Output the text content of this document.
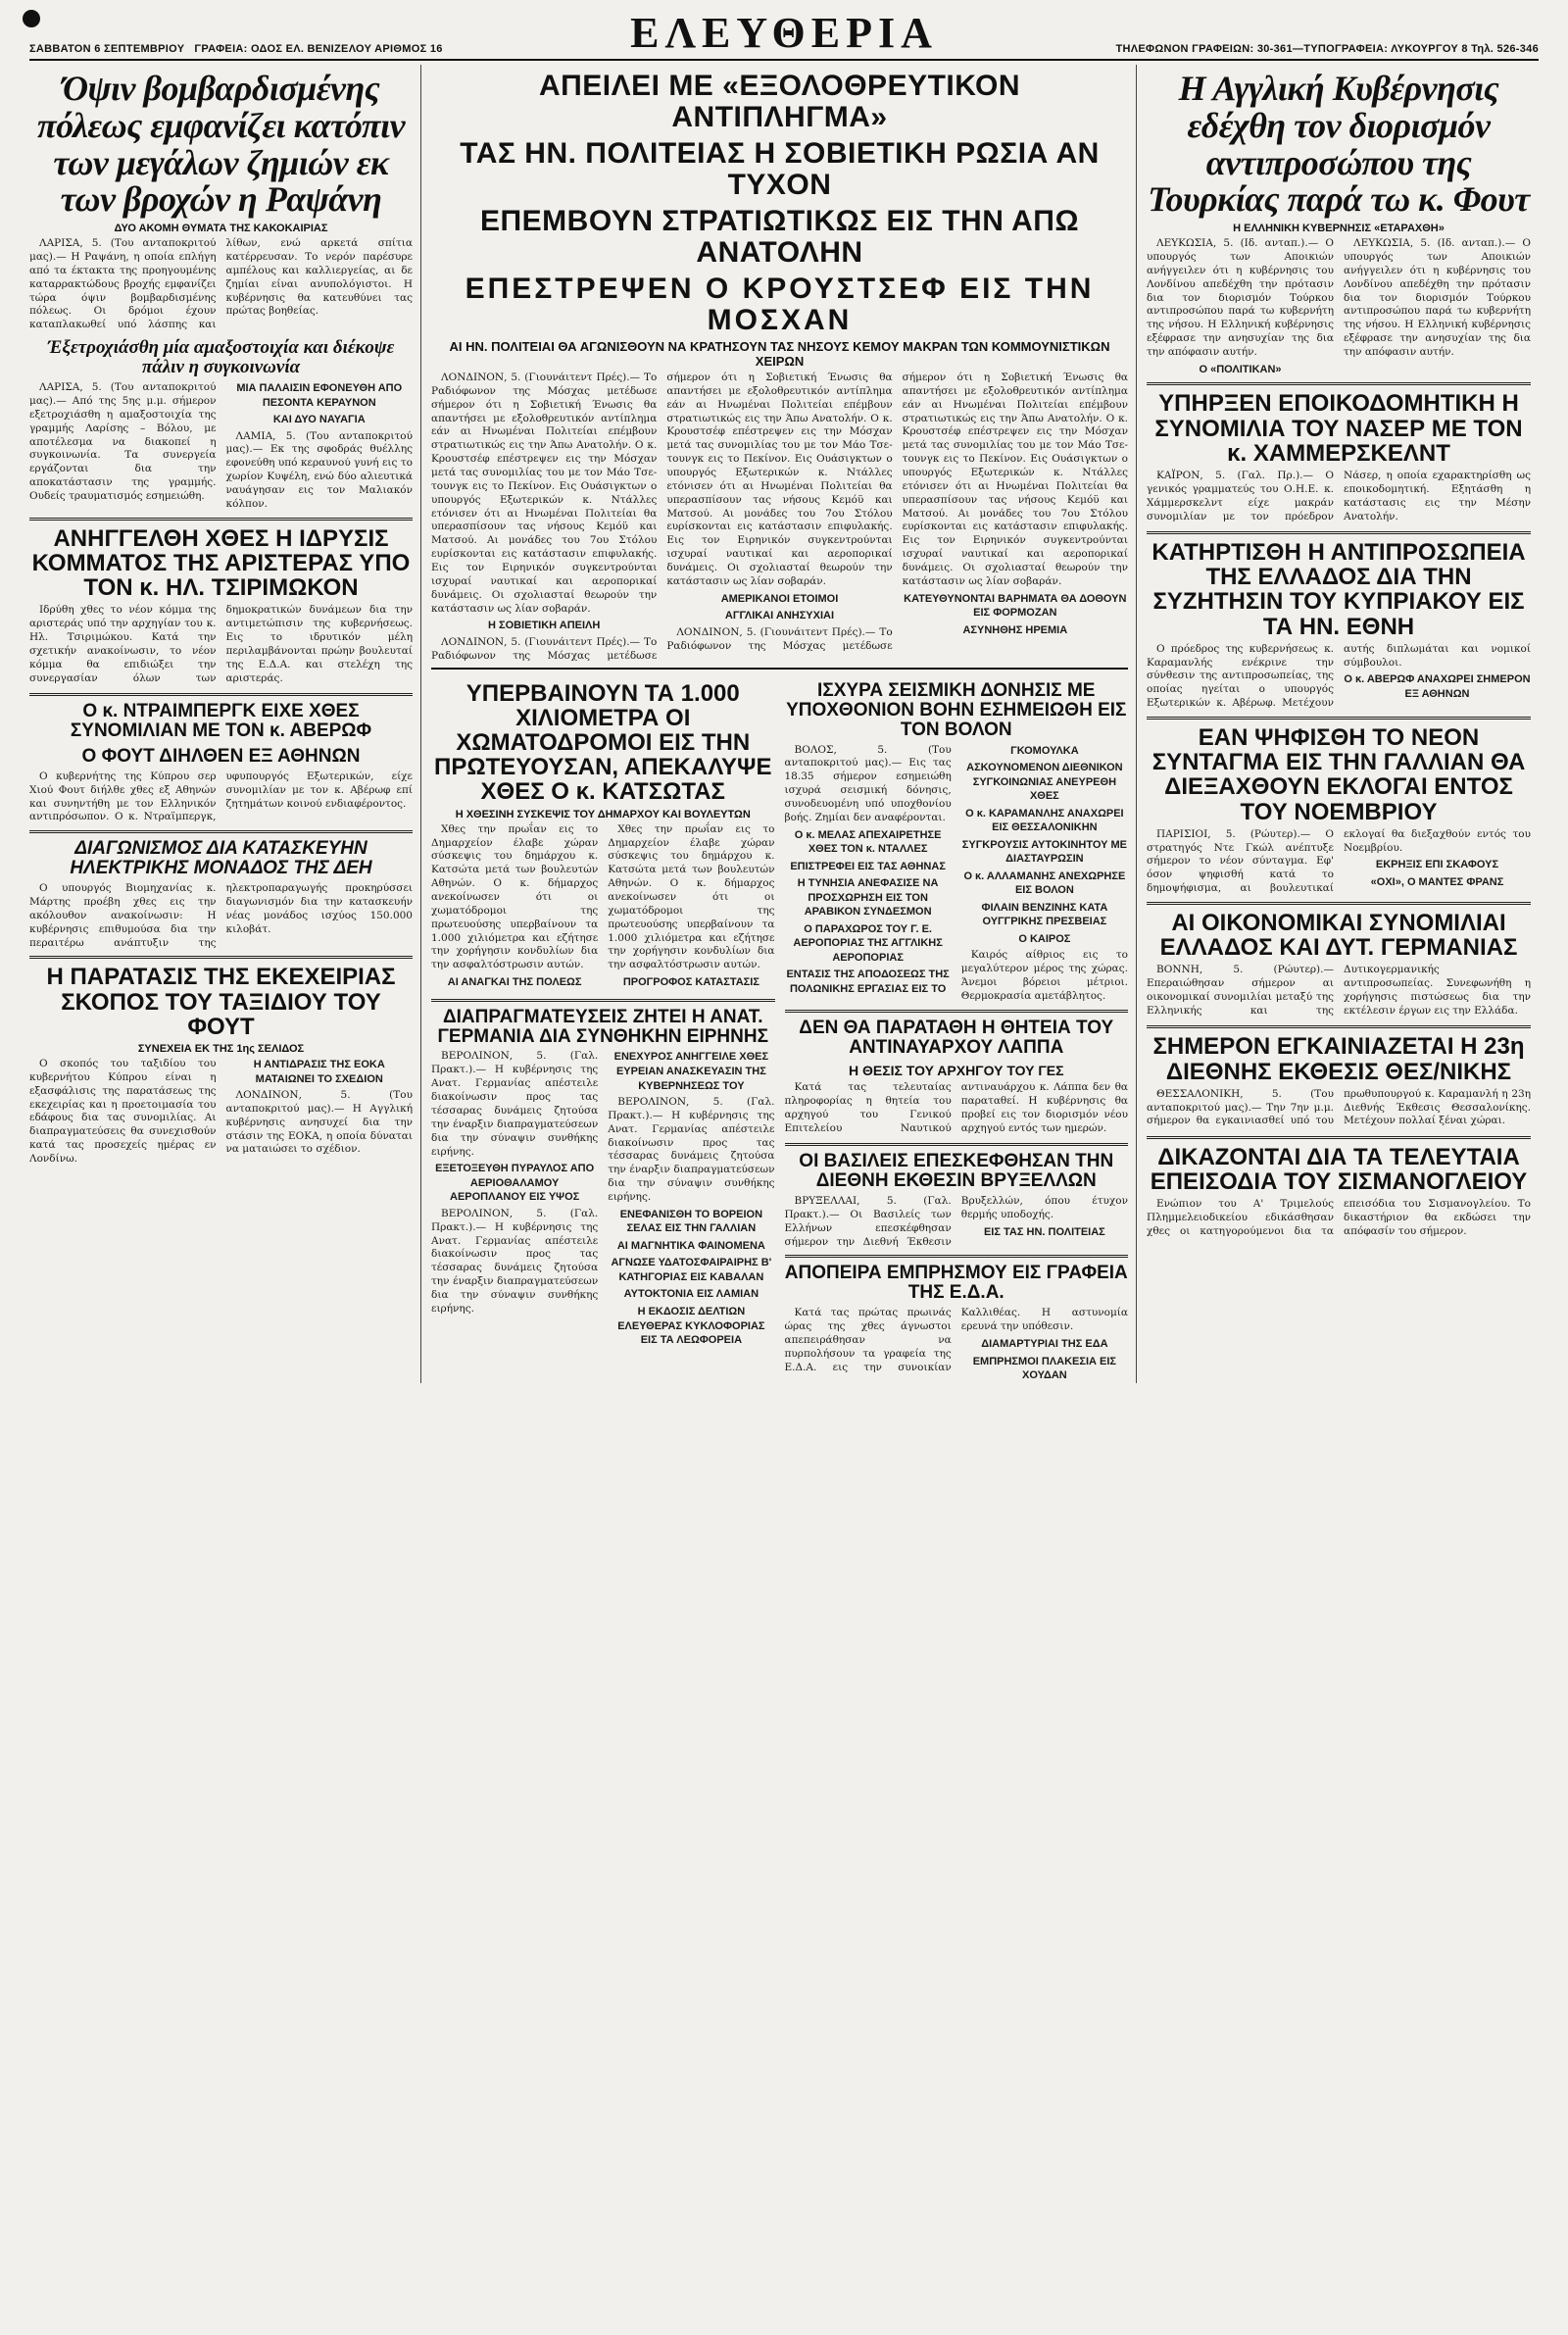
ΣΑΒΒΑΤΟΝ 6 ΣΕΠΤΕΜΒΡΙΟΥ ΓΡΑΦΕΙΑ: ΟΔΟΣ ΕΛ. ΒΕΝΙΖΕΛΟΥ ΑΡΙΘΜΟΣ 16	ΕΛΕΥΘΕΡΙΑ	ΤΗΛΕΦΩΝΟΝ ΓΡΑΦΕΙΩΝ: 30-361—ΤΥΠΟΓΡΑΦΕΙΑ: ΛΥΚΟΥΡΓΟΥ 8 Τηλ. 526-346
Όψιν βομβαρδισμένης πόλεως εμφανίζει κατόπιν των μεγάλων ζημιών εκ των βροχών η Ραψάνη
ΔΥΟ ΑΚΟΜΗ ΘΥΜΑΤΑ ΤΗΣ ΚΑΚΟΚΑΙΡΙΑΣ

ΛΑΡΙΣΑ, 5. (Του ανταποκριτού μας).— Η Ραψάνη, η οποία επλήγη από τα έκτακτα της προηγουμένης καταρρακτώδους βροχής εμφανίζει τώρα όψιν βομβαρδισμένης πόλεως. Οι δρόμοι έχουν καταπλακωθεί υπό λάσπης και λίθων, ενώ αρκετά σπίτια κατέρρευσαν. Το νερόν παρέσυρε αμπέλους και καλλιεργείας, αι δε ζημίαι είναι ανυπολόγιστοι. Η κυβέρνησις θα κατευθύνει τας πρώτας βοηθείας.

Έξετροχιάσθη μία αμαξοστοιχία και διέκοψε πάλιν η συγκοινωνία

ΛΑΡΙΣΑ, 5. (Του ανταποκριτού μας).— Από της 5ης μ.μ. σήμερον εξετροχιάσθη η αμαξοστοιχία της γραμμής Λαρίσης – Βόλου, με αποτέλεσμα να διακοπεί η συγκοινωνία. Τα συνεργεία εργάζονται δια την αποκατάστασιν της γραμμής. Ουδείς τραυματισμός εσημειώθη.

ΜΙΑ ΠΑΛΑΙΣΙΝ ΕΦΟΝΕΥΘΗ ΑΠΟ ΠΕΣΟΝΤΑ ΚΕΡΑΥΝΟΝ
ΚΑΙ ΔΥΟ ΝΑΥΑΓΙΑ

ΛΑΜΙΑ, 5. (Του ανταποκριτού μας).— Εκ της σφοδράς θυέλλης εφονεύθη υπό κεραυνού γυνή εις το χωρίον Κυψέλη, ενώ δύο αλιευτικά ναυάγησαν εις τον Μαλιακόν κόλπον.

ΑΝΗΓΓΕΛΘΗ ΧΘΕΣ Η ΙΔΡΥΣΙΣ ΚΟΜΜΑΤΟΣ ΤΗΣ ΑΡΙΣΤΕΡΑΣ ΥΠΟ ΤΟΝ κ. ΗΛ. ΤΣΙΡΙΜΩΚΟΝ

Ιδρύθη χθες το νέον κόμμα της αριστεράς υπό την αρχηγίαν του κ. Ηλ. Τσιριμώκου. Κατά την σχετικήν ανακοίνωσιν, το νέον κόμμα θα επιδιώξει την συνεργασίαν όλων των δημοκρατικών δυνάμεων δια την αντιμετώπισιν της κυβερνήσεως. Εις το ιδρυτικόν μέλη περιλαμβάνονται πρώην βουλευταί της Ε.Δ.Α. και στελέχη της αριστεράς.

Ο κ. ΝΤΡΑΙΜΠΕΡΓΚ ΕΙΧΕ ΧΘΕΣ ΣΥΝΟΜΙΛΙΑΝ ΜΕ ΤΟΝ κ. ΑΒΕΡΩΦ
Ο ΦΟΥΤ ΔΙΗΛΘΕΝ ΕΞ ΑΘΗΝΩΝ

Ο κυβερνήτης της Κύπρου σερ Χιού Φουτ διήλθε χθες εξ Αθηνών και συνηντήθη με τον Ελληνικόν αντιπρόσωπον. Ο κ. Ντραϊμπεργκ, υφυπουργός Εξωτερικών, είχε συνομιλίαν με τον κ. Αβέρωφ επί ζητημάτων κοινού ενδιαφέροντος.

ΔΙΑΓΩΝΙΣΜΟΣ ΔΙΑ ΚΑΤΑΣΚΕΥΗΝ ΗΛΕΚΤΡΙΚΗΣ ΜΟΝΑΔΟΣ ΤΗΣ ΔΕΗ

Ο υπουργός Βιομηχανίας κ. Μάρτης προέβη χθες εις την ακόλουθον ανακοίνωσιν: Η κυβέρνησις επιθυμούσα δια την περαιτέρω ανάπτυξιν της ηλεκτροπαραγωγής προκηρύσσει διαγωνισμόν δια την κατασκευήν νέας μονάδος ισχύος 150.000 κιλοβάτ.

Η ΠΑΡΑΤΑΣΙΣ ΤΗΣ ΕΚΕΧΕΙΡΙΑΣ ΣΚΟΠΟΣ ΤΟΥ ΤΑΞΙΔΙΟΥ ΤΟΥ ΦΟΥΤ
ΣΥΝΕΧΕΙΑ ΕΚ ΤΗΣ 1ης ΣΕΛΙΔΟΣ

Ο σκοπός του ταξιδίου του κυβερνήτου Κύπρου είναι η εξασφάλισις της παρατάσεως της εκεχειρίας και η προετοιμασία του εδάφους δια τας συνομιλίας. Αι διαπραγματεύσεις θα συνεχισθούν κατά τας προσεχείς ημέρας εν Λονδίνω.

Η ΑΝΤΙΔΡΑΣΙΣ ΤΗΣ ΕΟΚΑ ΜΑΤΑΙΩΝΕΙ ΤΟ ΣΧΕΔΙΟΝ

ΛΟΝΔΙΝΟΝ, 5. (Του ανταποκριτού μας).— Η Αγγλική κυβέρνησις ανησυχεί δια την στάσιν της ΕΟΚΑ, η οποία δύναται να ματαιώσει το σχέδιον.

ΑΠΕΙΛΕΙ ΜΕ «ΕΞΟΛΟΘΡΕΥΤΙΚΟΝ ΑΝΤΙΠΛΗΓΜΑ»
ΤΑΣ ΗΝ. ΠΟΛΙΤΕΙΑΣ Η ΣΟΒΙΕΤΙΚΗ ΡΩΣΙΑ ΑΝ ΤΥΧΟΝ
ΕΠΕΜΒΟΥΝ ΣΤΡΑΤΙΩΤΙΚΩΣ ΕΙΣ ΤΗΝ ΑΠΩ ΑΝΑΤΟΛΗΝ
ΕΠΕΣΤΡΕΨΕΝ Ο ΚΡΟΥΣΤΣΕΦ ΕΙΣ ΤΗΝ ΜΟΣΧΑΝ
ΑΙ ΗΝ. ΠΟΛΙΤΕΙΑΙ ΘΑ ΑΓΩΝΙΣΘΟΥΝ ΝΑ ΚΡΑΤΗΣΟΥΝ ΤΑΣ ΝΗΣΟΥΣ ΚΕΜΟΥ ΜΑΚΡΑΝ ΤΩΝ ΚΟΜΜΟΥΝΙΣΤΙΚΩΝ ΧΕΙΡΩΝ

ΛΟΝΔΙΝΟΝ, 5. (Γιουνάιτεντ Πρές).— Το Ραδιόφωνον της Μόσχας μετέδωσε σήμερον ότι η Σοβιετική Ένωσις θα απαντήσει με εξολοθρευτικόν αντίπλημα εάν αι Ηνωμέναι Πολιτείαι επέμβουν στρατιωτικώς εις την Άπω Ανατολήν. Ο κ. Κρουστσέφ επέστρεψεν εις την Μόσχαν μετά τας συνομιλίας του με τον Μάο Τσε-τουνγκ εις το Πεκίνον. Εις Ουάσιγκτων ο υπουργός Εξωτερικών κ. Ντάλλες ετόνισεν ότι αι Ηνωμέναι Πολιτείαι θα υπερασπίσουν τας νήσους Κεμόϋ και Ματσού. Αι μονάδες του 7ου Στόλου ευρίσκονται εις κατάστασιν επιφυλακής. Εις τον Ειρηνικόν συγκεντρούνται ισχυραί ναυτικαί και αεροπορικαί δυνάμεις. Οι σχολιασταί θεωρούν την κατάστασιν ως λίαν σοβαράν.

Η ΣΟΒΙΕΤΙΚΗ ΑΠΕΙΛΗ

ΛΟΝΔΙΝΟΝ, 5. (Γιουνάιτεντ Πρές).— Το Ραδιόφωνον της Μόσχας μετέδωσε σήμερον ότι η Σοβιετική Ένωσις θα απαντήσει με εξολοθρευτικόν αντίπλημα εάν αι Ηνωμέναι Πολιτείαι επέμβουν στρατιωτικώς εις την Άπω Ανατολήν. Ο κ. Κρουστσέφ επέστρεψεν εις την Μόσχαν μετά τας συνομιλίας του με τον Μάο Τσε-τουνγκ εις το Πεκίνον. Εις Ουάσιγκτων ο υπουργός Εξωτερικών κ. Ντάλλες ετόνισεν ότι αι Ηνωμέναι Πολιτείαι θα υπερασπίσουν τας νήσους Κεμόϋ και Ματσού. Αι μονάδες του 7ου Στόλου ευρίσκονται εις κατάστασιν επιφυλακής. Εις τον Ειρηνικόν συγκεντρούνται ισχυραί ναυτικαί και αεροπορικαί δυνάμεις. Οι σχολιασταί θεωρούν την κατάστασιν ως λίαν σοβαράν.

ΑΜΕΡΙΚΑΝΟΙ ΕΤΟΙΜΟΙ
ΑΓΓΛΙΚΑΙ ΑΝΗΣΥΧΙΑΙ

ΛΟΝΔΙΝΟΝ, 5. (Γιουνάιτεντ Πρές).— Το Ραδιόφωνον της Μόσχας μετέδωσε σήμερον ότι η Σοβιετική Ένωσις θα απαντήσει με εξολοθρευτικόν αντίπλημα εάν αι Ηνωμέναι Πολιτείαι επέμβουν στρατιωτικώς εις την Άπω Ανατολήν. Ο κ. Κρουστσέφ επέστρεψεν εις την Μόσχαν μετά τας συνομιλίας του με τον Μάο Τσε-τουνγκ εις το Πεκίνον. Εις Ουάσιγκτων ο υπουργός Εξωτερικών κ. Ντάλλες ετόνισεν ότι αι Ηνωμέναι Πολιτείαι θα υπερασπίσουν τας νήσους Κεμόϋ και Ματσού. Αι μονάδες του 7ου Στόλου ευρίσκονται εις κατάστασιν επιφυλακής. Εις τον Ειρηνικόν συγκεντρούνται ισχυραί ναυτικαί και αεροπορικαί δυνάμεις. Οι σχολιασταί θεωρούν την κατάστασιν ως λίαν σοβαράν.

ΚΑΤΕΥΘΥΝΟΝΤΑΙ ΒΑΡΗΜΑΤΑ ΘΑ ΔΟΘΟΥΝ ΕΙΣ ΦΟΡΜΟΖΑΝ
ΑΣΥΝΗΘΗΣ ΗΡΕΜΙΑ
ΥΠΕΡΒΑΙΝΟΥΝ ΤΑ 1.000 ΧΙΛΙΟΜΕΤΡΑ ΟΙ ΧΩΜΑΤΟΔΡΟΜΟΙ ΕΙΣ ΤΗΝ ΠΡΩΤΕΥΟΥΣΑΝ, ΑΠΕΚΑΛΥΨΕ ΧΘΕΣ Ο κ. ΚΑΤΣΩΤΑΣ
Η ΧΘΕΣΙΝΗ ΣΥΣΚΕΨΙΣ ΤΟΥ ΔΗΜΑΡΧΟΥ ΚΑΙ ΒΟΥΛΕΥΤΩΝ

Χθες την πρωΐαν εις το Δημαρχείον έλαβε χώραν σύσκεψις του δημάρχου κ. Κατσώτα μετά των βουλευτών Αθηνών. Ο κ. δήμαρχος ανεκοίνωσεν ότι οι χωματόδρομοι της πρωτευούσης υπερβαίνουν τα 1.000 χιλιόμετρα και εζήτησε την χορήγησιν κονδυλίων δια την ασφαλτόστρωσιν αυτών.

ΑΙ ΑΝΑΓΚΑΙ ΤΗΣ ΠΟΛΕΩΣ

Χθες την πρωΐαν εις το Δημαρχείον έλαβε χώραν σύσκεψις του δημάρχου κ. Κατσώτα μετά των βουλευτών Αθηνών. Ο κ. δήμαρχος ανεκοίνωσεν ότι οι χωματόδρομοι της πρωτευούσης υπερβαίνουν τα 1.000 χιλιόμετρα και εζήτησε την χορήγησιν κονδυλίων δια την ασφαλτόστρωσιν αυτών.

ΠΡΟΓΡΟΦΟΣ ΚΑΤΑΣΤΑΣΙΣ
ΔΙΑΠΡΑΓΜΑΤΕΥΣΕΙΣ ΖΗΤΕΙ Η ΑΝΑΤ. ΓΕΡΜΑΝΙΑ ΔΙΑ ΣΥΝΘΗΚΗΝ ΕΙΡΗΝΗΣ

ΒΕΡΟΛΙΝΟΝ, 5. (Γαλ. Πρακτ.).— Η κυβέρνησις της Ανατ. Γερμανίας απέστειλε διακοίνωσιν προς τας τέσσαρας δυνάμεις ζητούσα την έναρξιν διαπραγματεύσεων δια την σύναψιν συνθήκης ειρήνης.

ΕΞΕΤΟΞΕΥΘΗ ΠΥΡΑΥΛΟΣ ΑΠΟ ΑΕΡΙΟΘΑΛΑΜΟΥ ΑΕΡΟΠΛΑΝΟΥ ΕΙΣ ΥΨΟΣ

ΒΕΡΟΛΙΝΟΝ, 5. (Γαλ. Πρακτ.).— Η κυβέρνησις της Ανατ. Γερμανίας απέστειλε διακοίνωσιν προς τας τέσσαρας δυνάμεις ζητούσα την έναρξιν διαπραγματεύσεων δια την σύναψιν συνθήκης ειρήνης.

ΕΝΕΧΥΡΟΣ ΑΝΗΓΓΕΙΛΕ ΧΘΕΣ ΕΥΡΕΙΑΝ ΑΝΑΣΚΕΥΑΣΙΝ ΤΗΣ ΚΥΒΕΡΝΗΣΕΩΣ ΤΟΥ

ΒΕΡΟΛΙΝΟΝ, 5. (Γαλ. Πρακτ.).— Η κυβέρνησις της Ανατ. Γερμανίας απέστειλε διακοίνωσιν προς τας τέσσαρας δυνάμεις ζητούσα την έναρξιν διαπραγματεύσεων δια την σύναψιν συνθήκης ειρήνης.

ΕΝΕΦΑΝΙΣΘΗ ΤΟ ΒΟΡΕΙΟΝ ΣΕΛΑΣ ΕΙΣ ΤΗΝ ΓΑΛΛΙΑΝ
ΑΙ ΜΑΓΝΗΤΙΚΑ ΦΑΙΝΟΜΕΝΑ
ΑΓΝΩΣΕ ΥΔΑΤΟΣΦΑΙΡΑΙΡΗΣ Β' ΚΑΤΗΓΟΡΙΑΣ ΕΙΣ ΚΑΒΑΛΑΝ
ΑΥΤΟΚΤΟΝΙΑ ΕΙΣ ΛΑΜΙΑΝ
Η ΕΚΔΟΣΙΣ ΔΕΛΤΙΩΝ ΕΛΕΥΘΕΡΑΣ ΚΥΚΛΟΦΟΡΙΑΣ ΕΙΣ ΤΑ ΛΕΩΦΟΡΕΙΑ
ΙΣΧΥΡΑ ΣΕΙΣΜΙΚΗ ΔΟΝΗΣΙΣ ΜΕ ΥΠΟΧΘΟΝΙΟΝ ΒΟΗΝ ΕΣΗΜΕΙΩΘΗ ΕΙΣ ΤΟΝ ΒΟΛΟΝ

ΒΟΛΟΣ, 5. (Του ανταποκριτού μας).— Εις τας 18.35 σήμερον εσημειώθη ισχυρά σεισμική δόνησις, συνοδευομένη υπό υποχθονίου βοής. Ζημίαι δεν αναφέρονται.

Ο κ. ΜΕΛΑΣ ΑΠΕΧΑΙΡΕΤΗΣΕ ΧΘΕΣ ΤΟΝ κ. ΝΤΑΛΛΕΣ
ΕΠΙΣΤΡΕΦΕΙ ΕΙΣ ΤΑΣ ΑΘΗΝΑΣ
Η ΤΥΝΗΣΙΑ ΑΝΕΦΑΣΙΣΕ ΝΑ ΠΡΟΣΧΩΡΗΣΗ ΕΙΣ ΤΟΝ ΑΡΑΒΙΚΟΝ ΣΥΝΔΕΣΜΟΝ
Ο ΠΑΡΑΧΩΡΟΣ ΤΟΥ Γ. Ε. ΑΕΡΟΠΟΡΙΑΣ ΤΗΣ ΑΓΓΛΙΚΗΣ ΑΕΡΟΠΟΡΙΑΣ
ΕΝΤΑΣΙΣ ΤΗΣ ΑΠΟΔΟΣΕΩΣ ΤΗΣ ΠΟΛΩΝΙΚΗΣ ΕΡΓΑΣΙΑΣ ΕΙΣ ΤΟ ΓΚΟΜΟΥΛΚΑ
ΑΣΚΟΥΝΟΜΕΝΟΝ ΔΙΕΘΝΙΚΟΝ ΣΥΓΚΟΙΝΩΝΙΑΣ ΑΝΕΥΡΕΘΗ ΧΘΕΣ
Ο κ. ΚΑΡΑΜΑΝΛΗΣ ΑΝΑΧΩΡΕΙ ΕΙΣ ΘΕΣΣΑΛΟΝΙΚΗΝ
ΣΥΓΚΡΟΥΣΙΣ ΑΥΤΟΚΙΝΗΤΟΥ ΜΕ ΔΙΑΣΤΑΥΡΩΣΙΝ
Ο κ. ΑΛΛΑΜΑΝΗΣ ΑΝΕΧΩΡΗΣΕ ΕΙΣ ΒΟΛΟΝ
ΦΙΛΑΙΝ ΒΕΝΖΙΝΗΣ ΚΑΤΑ ΟΥΓΓΡΙΚΗΣ ΠΡΕΣΒΕΙΑΣ
Ο ΚΑΙΡΟΣ

Καιρός αίθριος εις το μεγαλύτερον μέρος της χώρας. Άνεμοι βόρειοι μέτριοι. Θερμοκρασία αμετάβλητος.

ΔΕΝ ΘΑ ΠΑΡΑΤΑΘΗ Η ΘΗΤΕΙΑ ΤΟΥ ΑΝΤΙΝΑΥΑΡΧΟΥ ΛΑΠΠΑ
Η ΘΕΣΙΣ ΤΟΥ ΑΡΧΗΓΟΥ ΤΟΥ ΓΕΣ

Κατά τας τελευταίας πληροφορίας η θητεία του αρχηγού του Γενικού Επιτελείου Ναυτικού αντιναυάρχου κ. Λάππα δεν θα παραταθεί. Η κυβέρνησις θα προβεί εις τον διορισμόν νέου αρχηγού εντός των ημερών.

ΟΙ ΒΑΣΙΛΕΙΣ ΕΠΕΣΚΕΦΘΗΣΑΝ ΤΗΝ ΔΙΕΘΝΗ ΕΚΘΕΣΙΝ ΒΡΥΞΕΛΛΩΝ

ΒΡΥΞΕΛΛΑΙ, 5. (Γαλ. Πρακτ.).— Οι Βασιλείς των Ελλήνων επεσκέφθησαν σήμερον την Διεθνή Έκθεσιν Βρυξελλών, όπου έτυχον θερμής υποδοχής.

ΕΙΣ ΤΑΣ ΗΝ. ΠΟΛΙΤΕΙΑΣ
ΑΠΟΠΕΙΡΑ ΕΜΠΡΗΣΜΟΥ ΕΙΣ ΓΡΑΦΕΙΑ ΤΗΣ Ε.Δ.Α.

Κατά τας πρώτας πρωινάς ώρας της χθες άγνωστοι απεπειράθησαν να πυρπολήσουν τα γραφεία της Ε.Δ.Α. εις την συνοικίαν Καλλιθέας. Η αστυνομία ερευνά την υπόθεσιν.

ΔΙΑΜΑΡΤΥΡΙΑΙ ΤΗΣ ΕΔΑ
ΕΜΠΡΗΣΜΟΙ ΠΛΑΚΕΣΙΑ ΕΙΣ ΧΟΥΔΑΝ
Η Αγγλική Κυβέρνησις εδέχθη τον διορισμόν αντιπροσώπου της Τουρκίας παρά τω κ. Φουτ
Η ΕΛΛΗΝΙΚΗ ΚΥΒΕΡΝΗΣΙΣ «ΕΤΑΡΑΧΘΗ»

ΛΕΥΚΩΣΙΑ, 5. (Ιδ. ανταπ.).— Ο υπουργός των Αποικιών ανήγγειλεν ότι η κυβέρνησις του Λονδίνου απεδέχθη την πρότασιν δια τον διορισμόν Τούρκου αντιπροσώπου παρά τω κυβερνήτη της νήσου. Η Ελληνική κυβέρνησις εξέφρασε την ανησυχίαν της δια την απόφασιν αυτήν.

Ο «ΠΟΛΙΤΙΚΑΝ»

ΛΕΥΚΩΣΙΑ, 5. (Ιδ. ανταπ.).— Ο υπουργός των Αποικιών ανήγγειλεν ότι η κυβέρνησις του Λονδίνου απεδέχθη την πρότασιν δια τον διορισμόν Τούρκου αντιπροσώπου παρά τω κυβερνήτη της νήσου. Η Ελληνική κυβέρνησις εξέφρασε την ανησυχίαν της δια την απόφασιν αυτήν.

ΥΠΗΡΞΕΝ ΕΠΟΙΚΟΔΟΜΗΤΙΚΗ Η ΣΥΝΟΜΙΛΙΑ ΤΟΥ ΝΑΣΕΡ ΜΕ ΤΟΝ κ. ΧΑΜΜΕΡΣΚΕΛΝΤ

ΚΑΪΡΟΝ, 5. (Γαλ. Πρ.).— Ο γενικός γραμματεύς του Ο.Η.Ε. κ. Χάμμερσκελντ είχε μακράν συνομιλίαν με τον πρόεδρον Νάσερ, η οποία εχαρακτηρίσθη ως εποικοδομητική. Εξητάσθη η κατάστασις εις την Μέσην Ανατολήν.

ΚΑΤΗΡΤΙΣΘΗ Η ΑΝΤΙΠΡΟΣΩΠΕΙΑ ΤΗΣ ΕΛΛΑΔΟΣ ΔΙΑ ΤΗΝ ΣΥΖΗΤΗΣΙΝ ΤΟΥ ΚΥΠΡΙΑΚΟΥ ΕΙΣ ΤΑ ΗΝ. ΕΘΝΗ

Ο πρόεδρος της κυβερνήσεως κ. Καραμανλής ενέκρινε την σύνθεσιν της αντιπροσωπείας, της οποίας ηγείται ο υπουργός Εξωτερικών κ. Αβέρωφ. Μετέχουν αυτής διπλωμάται και νομικοί σύμβουλοι.

Ο κ. ΑΒΕΡΩΦ ΑΝΑΧΩΡΕΙ ΣΗΜΕΡΟΝ ΕΞ ΑΘΗΝΩΝ
ΕΑΝ ΨΗΦΙΣΘΗ ΤΟ ΝΕΟΝ ΣΥΝΤΑΓΜΑ ΕΙΣ ΤΗΝ ΓΑΛΛΙΑΝ ΘΑ ΔΙΕΞΑΧΘΟΥΝ ΕΚΛΟΓΑΙ ΕΝΤΟΣ ΤΟΥ ΝΟΕΜΒΡΙΟΥ

ΠΑΡΙΣΙΟΙ, 5. (Ρώυτερ).— Ο στρατηγός Ντε Γκώλ ανέπτυξε σήμερον το νέον σύνταγμα. Εφ' όσον ψηφισθή κατά το δημοψήφισμα, αι βουλευτικαί εκλογαί θα διεξαχθούν εντός του Νοεμβρίου.

ΕΚΡΗΞΙΣ ΕΠΙ ΣΚΑΦΟΥΣ
«ΟΧΙ», Ο ΜΑΝΤΕΣ ΦΡΑΝΣ
ΑΙ ΟΙΚΟΝΟΜΙΚΑΙ ΣΥΝΟΜΙΛΙΑΙ ΕΛΛΑΔΟΣ ΚΑΙ ΔΥΤ. ΓΕΡΜΑΝΙΑΣ

ΒΟΝΝΗ, 5. (Ρώυτερ).— Επεραιώθησαν σήμερον αι οικονομικαί συνομιλίαι μεταξύ της Ελληνικής και της Δυτικογερμανικής αντιπροσωπείας. Συνεφωνήθη η χορήγησις πιστώσεως δια την εκτέλεσιν έργων εις την Ελλάδα.

ΣΗΜΕΡΟΝ ΕΓΚΑΙΝΙΑΖΕΤΑΙ Η 23η ΔΙΕΘΝΗΣ ΕΚΘΕΣΙΣ ΘΕΣ/ΝΙΚΗΣ

ΘΕΣΣΑΛΟΝΙΚΗ, 5. (Του ανταποκριτού μας).— Την 7ην μ.μ. σήμερον θα εγκαινιασθεί υπό του πρωθυπουργού κ. Καραμανλή η 23η Διεθνής Έκθεσις Θεσσαλονίκης. Μετέχουν πολλαί ξέναι χώραι.

ΔΙΚΑΖΟΝΤΑΙ ΔΙΑ ΤΑ ΤΕΛΕΥΤΑΙΑ ΕΠΕΙΣΟΔΙΑ ΤΟΥ ΣΙΣΜΑΝΟΓΛΕΙΟΥ

Ενώπιον του Α' Τριμελούς Πλημμελειοδικείου εδικάσθησαν χθες οι κατηγορούμενοι δια τα επεισόδια του Σισμανογλείου. Το δικαστήριον θα εκδώσει την απόφασίν του σήμερον.
